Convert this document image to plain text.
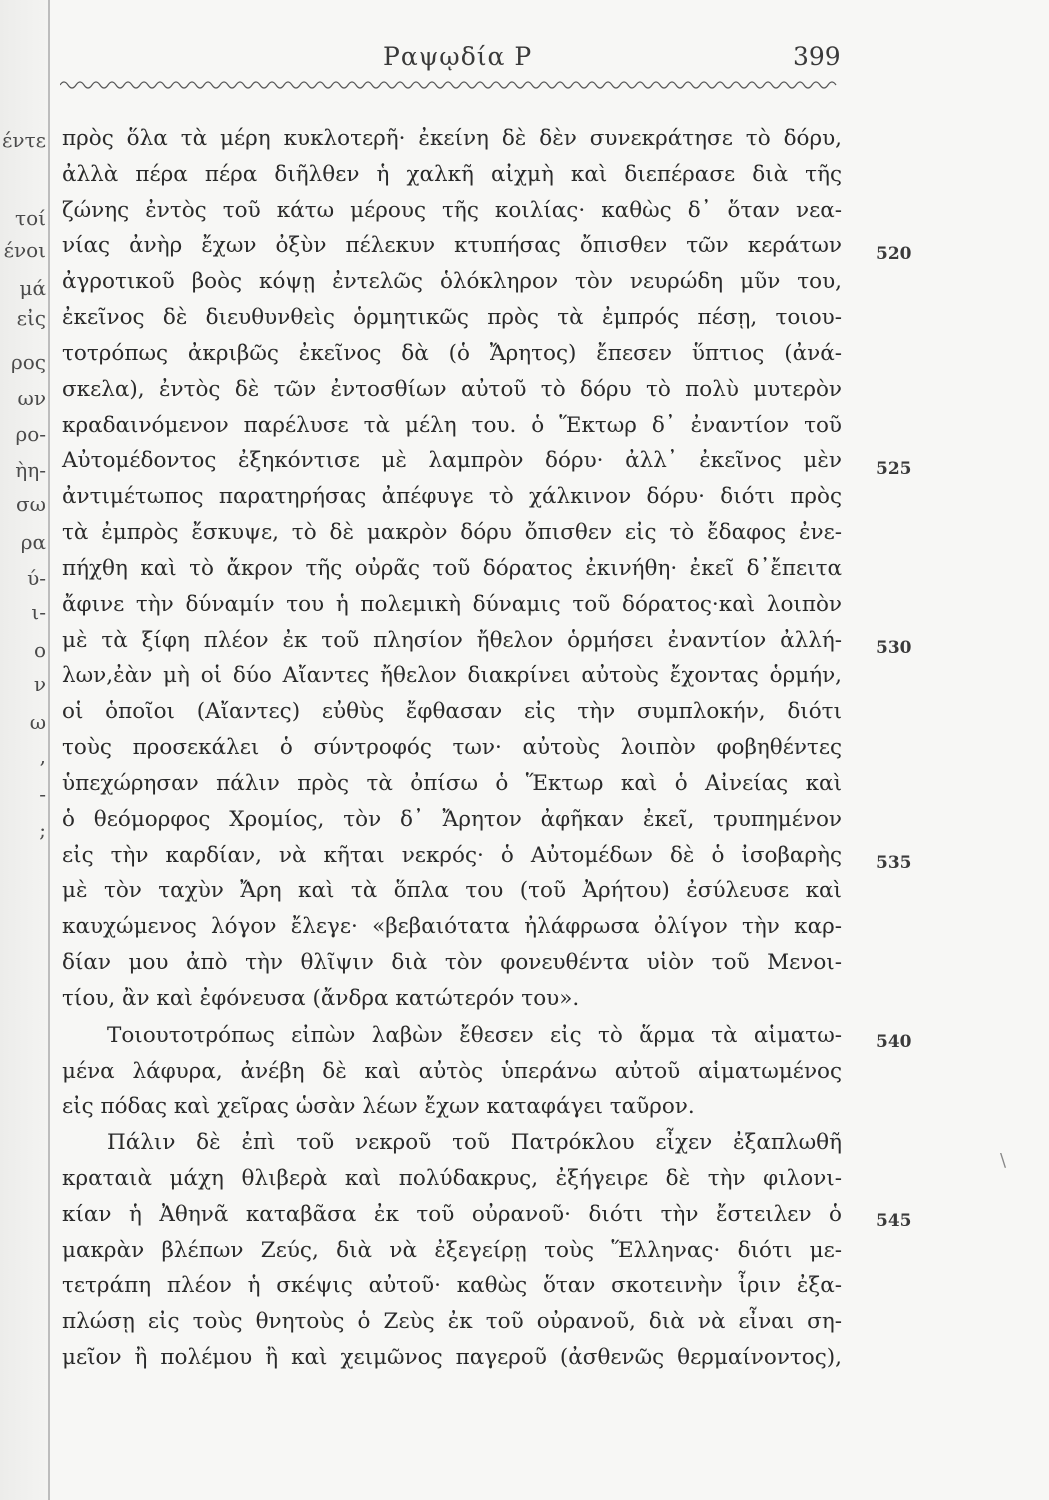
έντε
τοί
ένοι
μά
εἰς
ρος
ων
ρο-
ὴη-
σω
ρα
ύ-
ι-
ο
ν
ω
,
-
;
Ραψῳδία Ρ	399
πρὸς ὅλα τὰ μέρη κυκλοτερῆ· ἐκείνη δὲ δὲν συνεκράτησε τὸ δόρυ,
ἀλλὰ πέρα πέρα διῆλθεν ἡ χαλκῆ αἰχμὴ καὶ διεπέρασε διὰ τῆς
ζώνης ἐντὸς τοῦ κάτω μέρους τῆς κοιλίας· καθὼς δ᾽ ὅταν νεα-
νίας ἀνὴρ ἔχων ὀξὺν πέλεκυν κτυπήσας ὄπισθεν τῶν κεράτων
ἀγροτικοῦ βοὸς κόψῃ ἐντελῶς ὁλόκληρον τὸν νευρώδη μῦν του,
ἐκεῖνος δὲ διευθυνθεὶς ὁρμητικῶς πρὸς τὰ ἐμπρός πέσῃ, τοιου-
τοτρόπως ἀκριβῶς ἐκεῖνος δὰ (ὁ Ἄρητος) ἔπεσεν ὕπτιος (ἀνά-
σκελα), ἐντὸς δὲ τῶν ἐντοσθίων αὐτοῦ τὸ δόρυ τὸ πολὺ μυτερὸν
κραδαινόμενον παρέλυσε τὰ μέλη του. ὁ Ἕκτωρ δ᾽ ἐναντίον τοῦ
Αὐτομέδοντος ἐξηκόντισε μὲ λαμπρὸν δόρυ· ἀλλ᾽ ἐκεῖνος μὲν
ἀντιμέτωπος παρατηρήσας ἀπέφυγε τὸ χάλκινον δόρυ· διότι πρὸς
τὰ ἐμπρὸς ἔσκυψε, τὸ δὲ μακρὸν δόρυ ὄπισθεν εἰς τὸ ἔδαφος ἐνε-
πήχθη καὶ τὸ ἄκρον τῆς οὐρᾶς τοῦ δόρατος ἐκινήθη· ἐκεῖ δ᾽ἔπειτα
ἄφινε τὴν δύναμίν του ἡ πολεμικὴ δύναμις τοῦ δόρατος·καὶ λοιπὸν
μὲ τὰ ξίφη πλέον ἐκ τοῦ πλησίον ἤθελον ὁρμήσει ἐναντίον ἀλλή-
λων,ἐὰν μὴ οἱ δύο Αἴαντες ἤθελον διακρίνει αὐτοὺς ἔχοντας ὁρμήν,
οἱ ὁποῖοι (Αἴαντες) εὐθὺς ἔφθασαν εἰς τὴν συμπλοκήν, διότι
τοὺς προσεκάλει ὁ σύντροφός των· αὐτοὺς λοιπὸν φοβηθέντες
ὑπεχώρησαν πάλιν πρὸς τὰ ὀπίσω ὁ Ἕκτωρ καὶ ὁ Αἰνείας καὶ
ὁ θεόμορφος Χρομίος, τὸν δ᾽ Ἄρητον ἀφῆκαν ἐκεῖ, τρυπημένον
εἰς τὴν καρδίαν, νὰ κῆται νεκρός· ὁ Αὐτομέδων δὲ ὁ ἰσοβαρὴς
μὲ τὸν ταχὺν Ἄρη καὶ τὰ ὅπλα του (τοῦ Ἀρήτου) ἐσύλευσε καὶ
καυχώμενος λόγον ἔλεγε· «βεβαιότατα ἠλάφρωσα ὀλίγον τὴν καρ-
δίαν μου ἀπὸ τὴν θλῖψιν διὰ τὸν φονευθέντα υἱὸν τοῦ Μενοι-
τίου, ἂν καὶ ἐφόνευσα (ἄνδρα κατώτερόν του».
Τοιουτοτρόπως εἰπὼν λαβὼν ἔθεσεν εἰς τὸ ἅρμα τὰ αἱματω-
μένα λάφυρα, ἀνέβη δὲ καὶ αὐτὸς ὑπεράνω αὐτοῦ αἱματωμένος
εἰς πόδας καὶ χεῖρας ὡσὰν λέων ἔχων καταφάγει ταῦρον.
Πάλιν δὲ ἐπὶ τοῦ νεκροῦ τοῦ Πατρόκλου εἶχεν ἐξαπλωθῆ
κραταιὰ μάχη θλιβερὰ καὶ πολύδακρυς, ἐξήγειρε δὲ τὴν φιλονι-
κίαν ἡ Ἀθηνᾶ καταβᾶσα ἐκ τοῦ οὐρανοῦ· διότι τὴν ἔστειλεν ὁ
μακρὰν βλέπων Ζεύς, διὰ νὰ ἐξεγείρῃ τοὺς Ἕλληνας· διότι με-
τετράπη πλέον ἡ σκέψις αὐτοῦ· καθὼς ὅταν σκοτεινὴν ἶριν ἐξα-
πλώσῃ εἰς τοὺς θνητοὺς ὁ Ζεὺς ἐκ τοῦ οὐρανοῦ, διὰ νὰ εἶναι ση-
μεῖον ἢ πολέμου ἢ καὶ χειμῶνος παγεροῦ (ἀσθενῶς θερμαίνοντος),
520
525
530
535
540
545
\
